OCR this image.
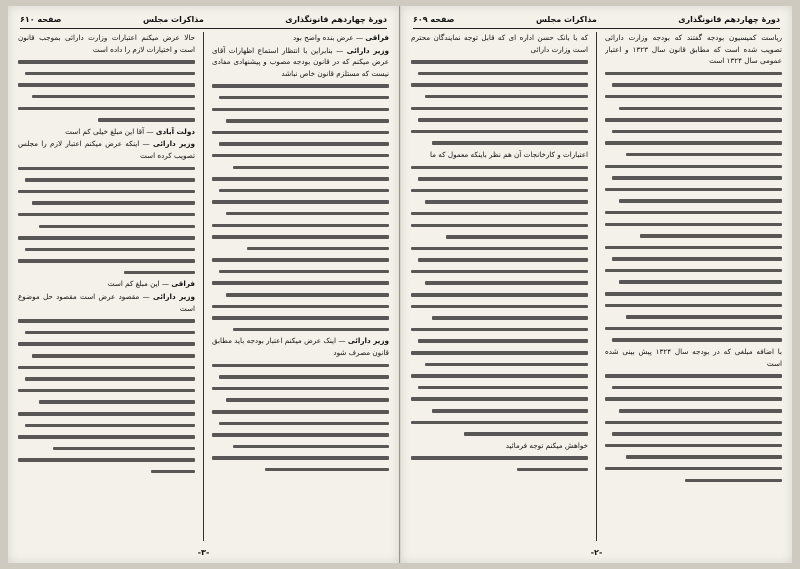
دورهٔ چهاردهم قانونگذاری
مذاکرات مجلس
صفحه ۶۱۰
فراقی — عرض بنده واضح بود
وزیر دارائی — بنابراین با انتظار استماع اظهارات آقای عرض میکنم که در قانون بودجه مصوب و پیشنهادی مفادی نیست که مستلزم قانون خاص نباشد
وزیر دارائی — اینک عرض میکنم اعتبار بودجه باید مطابق قانون مصرف شود
حالا عرض میکنم اعتبارات وزارت دارائی بموجب قانون است و اختیارات لازم را داده است
دولت آبادی — آقا این مبلغ خیلی کم است
وزیر دارائی — اینکه عرض میکنم اعتبار لازم را مجلس تصویب کرده است
فراقی — این مبلغ کم است
وزیر دارائی — مقصود عرض است مقصود حل موضوع است
-۳-
دورهٔ چهاردهم قانونگذاری
مذاکرات مجلس
صفحه ۶۰۹
ریاست کمیسیون بودجه گفتند که بودجه وزارت دارائی تصویب شده است که مطابق قانون سال ۱۳۲۳ و اعتبار عمومی سال ۱۳۲۴ است
با اضافه مبلغی که در بودجه سال ۱۳۲۴ پیش بینی شده است
که با بانک حسن اداره ای که قابل توجه نمایندگان محترم است وزارت دارائی
اعتبارات و کارخانجات آن هم نظر باینکه معمول که ما
خواهش میکنم توجه فرمائید
-۲-
